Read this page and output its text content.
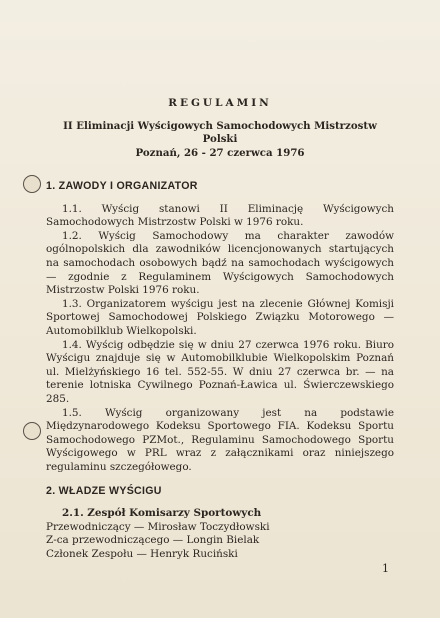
REGULAMIN
II Eliminacji Wyścigowych Samochodowych Mistrzostw Polski
Poznań, 26 - 27 czerwca 1976
1. ZAWODY I ORGANIZATOR

1.1. Wyścig stanowi II Eliminację Wyścigowych Samochodowych Mistrzostw Polski w 1976 roku.

1.2. Wyścig Samochodowy ma charakter zawodów ogólnopolskich dla zawodników licencjonowanych startujących na samochodach osobowych bądź na samochodach wyścigowych — zgodnie z Regulaminem Wyścigowych Samochodowych Mistrzostw Polski 1976 roku.

1.3. Organizatorem wyścigu jest na zlecenie Głównej Komisji Sportowej Samochodowej Polskiego Związku Motorowego — Automobilklub Wielkopolski.

1.4. Wyścig odbędzie się w dniu 27 czerwca 1976 roku. Biuro Wyścigu znajduje się w Automobilklubie Wielkopolskim Poznań ul. Mielżyńskiego 16 tel. 552-55. W dniu 27 czerwca br. — na terenie lotniska Cywilnego Poznań-Ławica ul. Świerczewskiego 285.

1.5. Wyścig organizowany jest na podstawie Międzynarodowego Kodeksu Sportowego FIA. Kodeksu Sportu Samochodowego PZMot., Regulaminu Samochodowego Sportu Wyścigowego w PRL wraz z załącznikami oraz niniejszego regulaminu szczegółowego.

2. WŁADZE WYŚCIGU
2.1. Zespół Komisarzy Sportowych
Przewodniczący — Mirosław Toczydłowski
Z-ca przewodniczącego — Longin Bielak
Członek Zespołu — Henryk Ruciński
1
